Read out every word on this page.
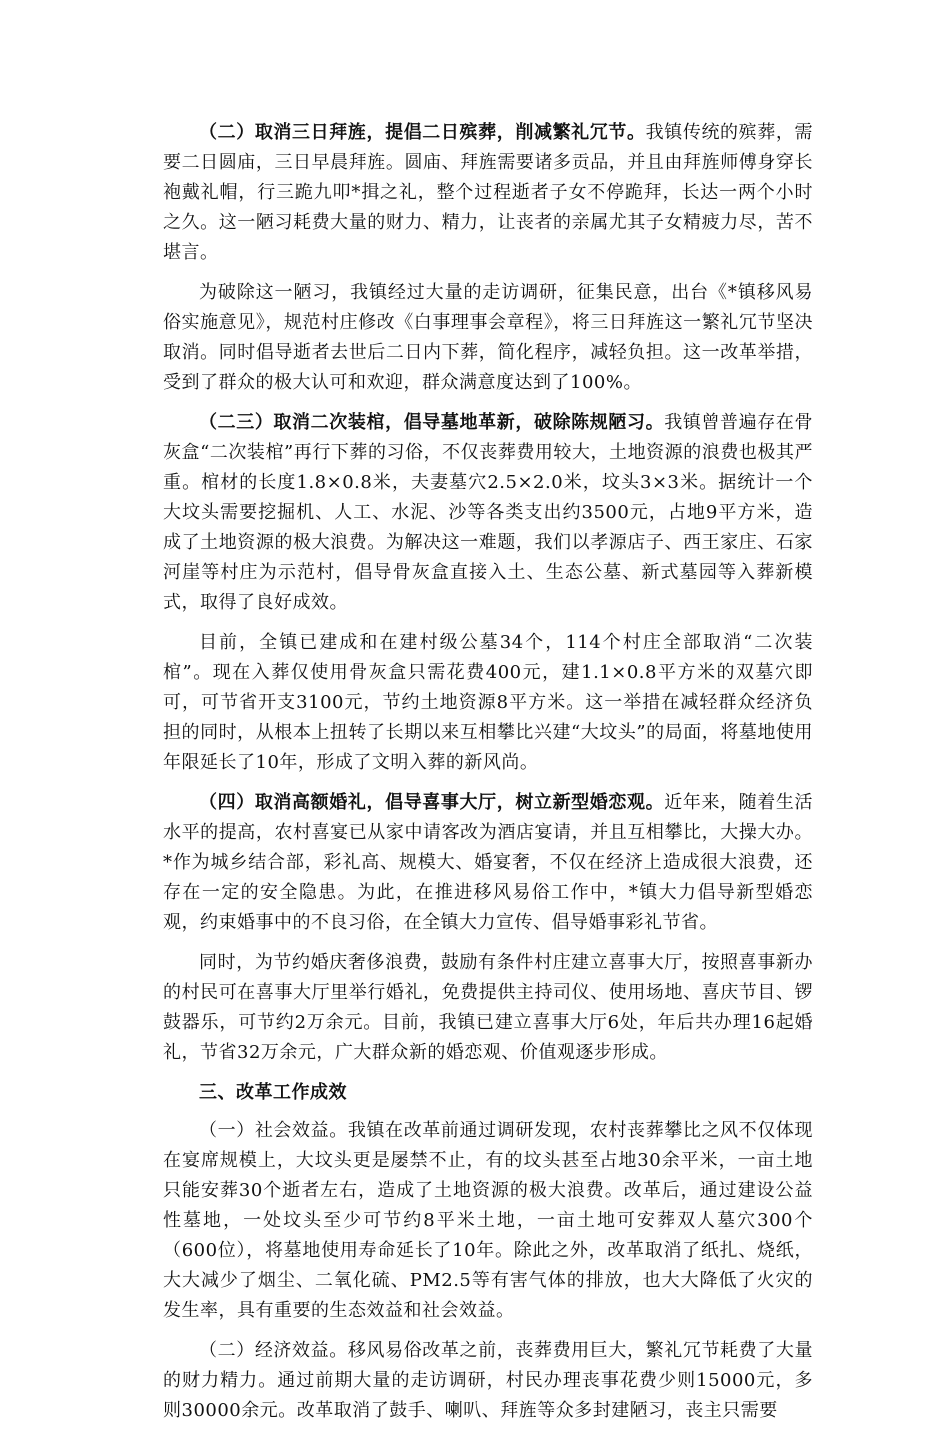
（二）取消三日拜旌，提倡二日殡葬，削减繁礼冗节。我镇传统的殡葬，需要二日圆庙，三日早晨拜旌。圆庙、拜旌需要诸多贡品，并且由拜旌师傅身穿长袍戴礼帽，行三跪九叩*揖之礼，整个过程逝者子女不停跪拜，长达一两个小时之久。这一陋习耗费大量的财力、精力，让丧者的亲属尤其子女精疲力尽，苦不堪言。

为破除这一陋习，我镇经过大量的走访调研，征集民意，出台《*镇移风易俗实施意见》，规范村庄修改《白事理事会章程》，将三日拜旌这一繁礼冗节坚决取消。同时倡导逝者去世后二日内下葬，简化程序，减轻负担。这一改革举措，受到了群众的极大认可和欢迎，群众满意度达到了100%。

（二三）取消二次装棺，倡导墓地革新，破除陈规陋习。我镇曾普遍存在骨灰盒“二次装棺”再行下葬的习俗，不仅丧葬费用较大，土地资源的浪费也极其严重。棺材的长度1.8×0.8米，夫妻墓穴2.5×2.0米，坟头3×3米。据统计一个大坟头需要挖掘机、人工、水泥、沙等各类支出约3500元，占地9平方米，造成了土地资源的极大浪费。为解决这一难题，我们以孝源店子、西王家庄、石家河崖等村庄为示范村，倡导骨灰盒直接入土、生态公墓、新式墓园等入葬新模式，取得了良好成效。

目前，全镇已建成和在建村级公墓34个，114个村庄全部取消“二次装棺”。现在入葬仅使用骨灰盒只需花费400元，建1.1×0.8平方米的双墓穴即可，可节省开支3100元，节约土地资源8平方米。这一举措在减轻群众经济负担的同时，从根本上扭转了长期以来互相攀比兴建“大坟头”的局面，将墓地使用年限延长了10年，形成了文明入葬的新风尚。

（四）取消高额婚礼，倡导喜事大厅，树立新型婚恋观。近年来，随着生活水平的提高，农村喜宴已从家中请客改为酒店宴请，并且互相攀比，大操大办。*作为城乡结合部，彩礼高、规模大、婚宴奢，不仅在经济上造成很大浪费，还存在一定的安全隐患。为此，在推进移风易俗工作中，*镇大力倡导新型婚恋观，约束婚事中的不良习俗，在全镇大力宣传、倡导婚事彩礼节省。

同时，为节约婚庆奢侈浪费，鼓励有条件村庄建立喜事大厅，按照喜事新办的村民可在喜事大厅里举行婚礼，免费提供主持司仪、使用场地、喜庆节目、锣鼓器乐，可节约2万余元。目前，我镇已建立喜事大厅6处，年后共办理16起婚礼，节省32万余元，广大群众新的婚恋观、价值观逐步形成。

三、改革工作成效

（一）社会效益。我镇在改革前通过调研发现，农村丧葬攀比之风不仅体现在宴席规模上，大坟头更是屡禁不止，有的坟头甚至占地30余平米，一亩土地只能安葬30个逝者左右，造成了土地资源的极大浪费。改革后，通过建设公益性墓地，一处坟头至少可节约8平米土地，一亩土地可安葬双人墓穴300个（600位），将墓地使用寿命延长了10年。除此之外，改革取消了纸扎、烧纸，大大减少了烟尘、二氧化硫、PM2.5等有害气体的排放，也大大降低了火灾的发生率，具有重要的生态效益和社会效益。

（二）经济效益。移风易俗改革之前，丧葬费用巨大，繁礼冗节耗费了大量的财力精力。通过前期大量的走访调研，村民办理丧事花费少则15000元，多则30000余元。改革取消了鼓手、喇叭、拜旌等众多封建陋习，丧主只需要
